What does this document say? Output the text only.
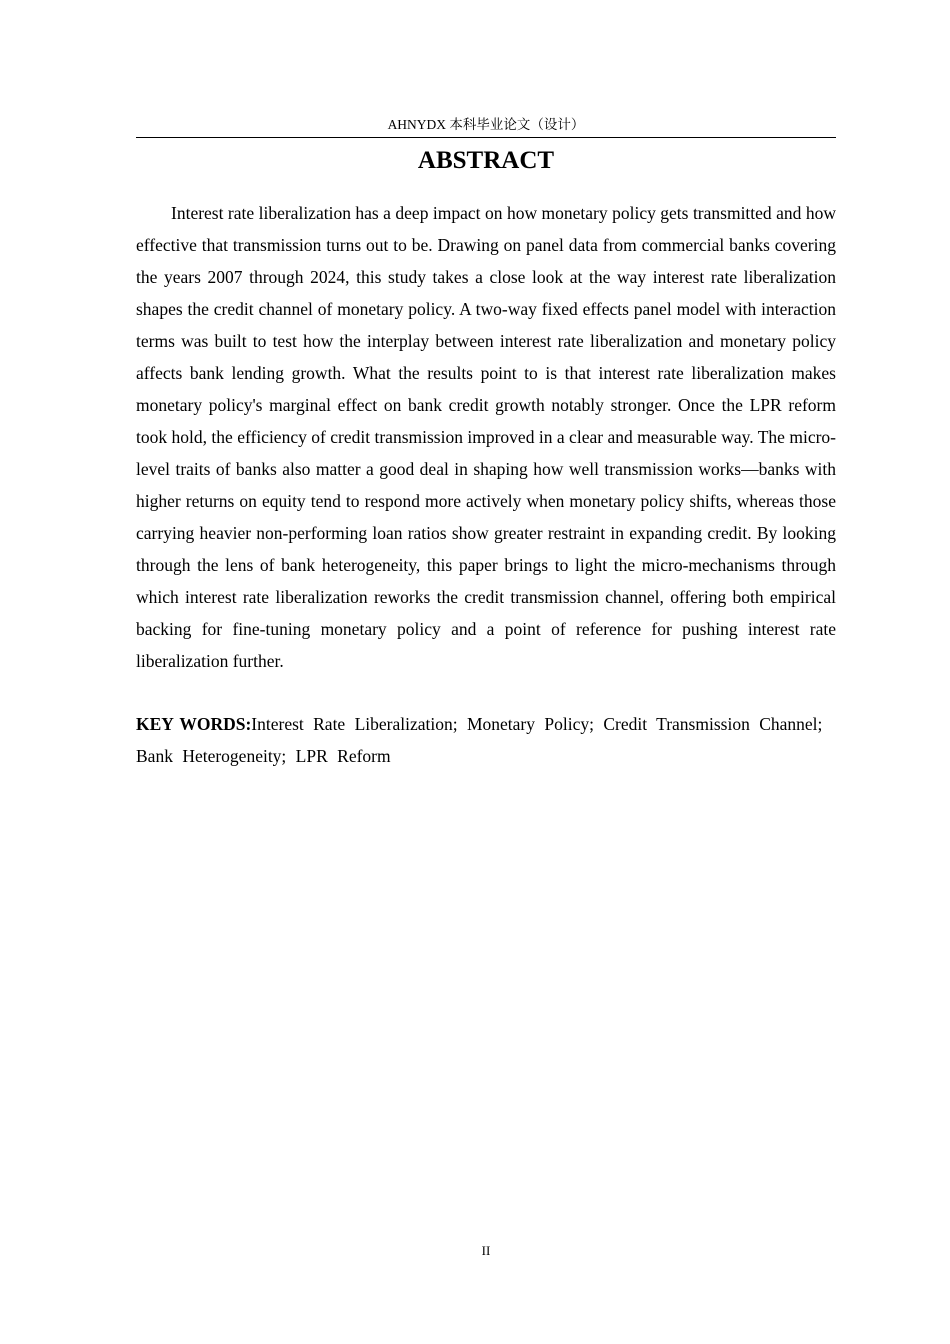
AHNYDX 本科毕业论文（设计）
ABSTRACT

Interest rate liberalization has a deep impact on how monetary policy gets transmitted and how effective that transmission turns out to be. Drawing on panel data from commercial banks covering the years 2007 through 2024, this study takes a close look at the way interest rate liberalization shapes the credit channel of monetary policy. A two-way fixed effects panel model with interaction terms was built to test how the interplay between interest rate liberalization and monetary policy affects bank lending growth. What the results point to is that interest rate liberalization makes monetary policy's marginal effect on bank credit growth notably stronger. Once the LPR reform took hold, the efficiency of credit transmission improved in a clear and measurable way. The micro-level traits of banks also matter a good deal in shaping how well transmission works—banks with higher returns on equity tend to respond more actively when monetary policy shifts, whereas those carrying heavier non-performing loan ratios show greater restraint in expanding credit. By looking through the lens of bank heterogeneity, this paper brings to light the micro-mechanisms through which interest rate liberalization reworks the credit transmission channel, offering both empirical backing for fine-tuning monetary policy and a point of reference for pushing interest rate liberalization further.

KEY WORDS:Interest Rate Liberalization; Monetary Policy; Credit Transmission Channel; Bank Heterogeneity; LPR Reform

II
